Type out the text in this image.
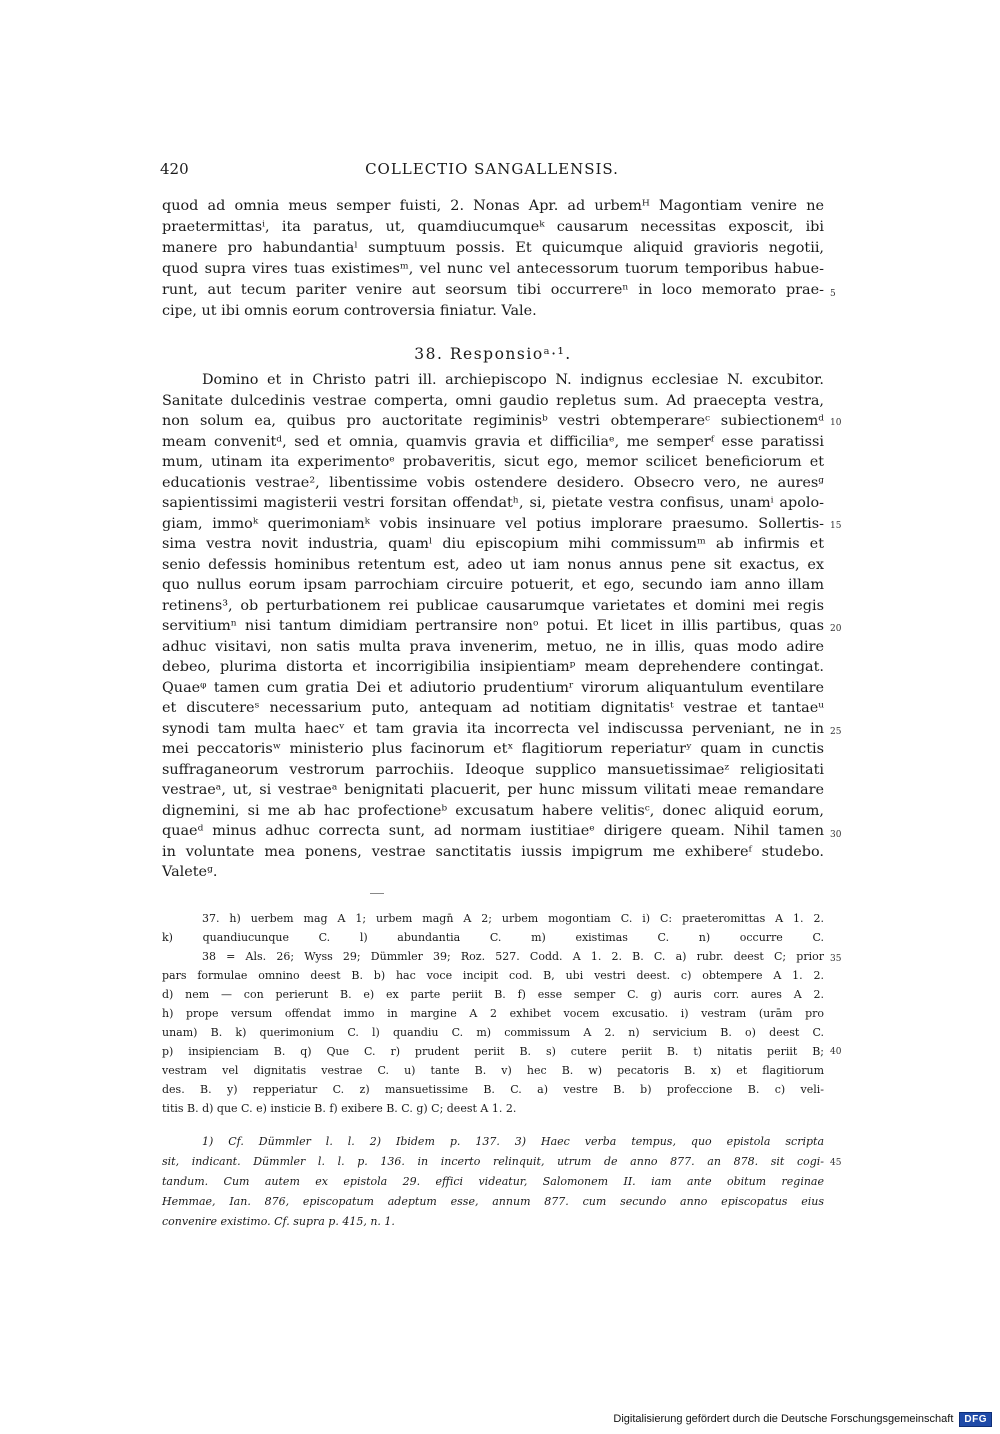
420	COLLECTIO SANGALLENSIS.
quod ad omnia meus semper fuisti, 2. Nonas Apr. ad urbemᴴ Magontiam venire ne
praetermittasⁱ, ita paratus, ut, quamdiucumqueᵏ causarum necessitas exposcit, ibi
manere pro habundantiaˡ sumptuum possis. Et quicumque aliquid gravioris negotii,
quod supra vires tuas existimesᵐ, vel nunc vel antecessorum tuorum temporibus habue-
runt, aut tecum pariter venire aut seorsum tibi occurrereⁿ in loco memorato prae-
cipe, ut ibi omnis eorum controversia finiatur. Vale.
5
38. Responsioᵃ·¹.
Domino et in Christo patri ill. archiepiscopo N. indignus ecclesiae N. excubitor.
Sanitate dulcedinis vestrae comperta, omni gaudio repletus sum. Ad praecepta vestra,
non solum ea, quibus pro auctoritate regiminisᵇ vestri obtemperareᶜ subiectionemᵈ
meam convenitᵈ, sed et omnia, quamvis gravia et difficiliaᵉ, me semperᶠ esse paratissi
mum, utinam ita experimentoᵉ probaveritis, sicut ego, memor scilicet beneficiorum et
educationis vestrae², libentissime vobis ostendere desidero. Obsecro vero, ne auresᵍ
sapientissimi magisterii vestri forsitan offendatʰ, si, pietate vestra confisus, unamⁱ apolo-
giam, immoᵏ querimoniamᵏ vobis insinuare vel potius implorare praesumo. Sollertis-
sima vestra novit industria, quamˡ diu episcopium mihi commissumᵐ ab infirmis et
senio defessis hominibus retentum est, adeo ut iam nonus annus pene sit exactus, ex
quo nullus eorum ipsam parrochiam circuire potuerit, et ego, secundo iam anno illam
retinens³, ob perturbationem rei publicae causarumque varietates et domini mei regis
servitiumⁿ nisi tantum dimidiam pertransire nonᵒ potui. Et licet in illis partibus, quas
adhuc visitavi, non satis multa prava invenerim, metuo, ne in illis, quas modo adire
debeo, plurima distorta et incorrigibilia insipientiamᵖ meam deprehendere contingat.
Quaeᵠ tamen cum gratia Dei et adiutorio prudentiumʳ virorum aliquantulum eventilare
et discutereˢ necessarium puto, antequam ad notitiam dignitatisᵗ vestrae et tantaeᵘ
synodi tam multa haecᵛ et tam gravia ita incorrecta vel indiscussa perveniant, ne in
mei peccatorisʷ ministerio plus facinorum etˣ flagitiorum reperiaturʸ quam in cunctis
suffraganeorum vestrorum parrochiis. Ideoque supplico mansuetissimaeᶻ religiositati
vestraeᵃ, ut, si vestraeᵃ benignitati placuerit, per hunc missum vilitati meae remandare
dignemini, si me ab hac profectioneᵇ excusatum habere velitisᶜ, donec aliquid eorum,
quaeᵈ minus adhuc correcta sunt, ad normam iustitiaeᵉ dirigere queam. Nihil tamen
in voluntate mea ponens, vestrae sanctitatis iussis impigrum me exhibereᶠ studebo.
Valeteᵍ.
10
15
20
25
30
37. h) uerbem mag A 1; urbem magn̄ A 2; urbem mogontiam C. i) C: praeteromittas A 1. 2.
k) quandiucunque C. l) abundantia C. m) existimas C. n) occurre C.
38 = Als. 26; Wyss 29; Dümmler 39; Roz. 527. Codd. A 1. 2. B. C. a) rubr. deest C; prior
pars formulae omnino deest B. b) hac voce incipit cod. B, ubi vestri deest. c) obtempere A 1. 2.
d) nem — con perierunt B. e) ex parte periit B. f) esse semper C. g) auris corr. aures A 2.
h) prope versum offendat immo in margine A 2 exhibet vocem excusatio. i) vestram (urām pro
unam) B. k) querimonium C. l) quandiu C. m) commissum A 2. n) servicium B. o) deest C.
p) insipienciam B. q) Que C. r) prudent periit B. s) cutere periit B. t) nitatis periit B;
vestram vel dignitatis vestrae C. u) tante B. v) hec B. w) pecatoris B. x) et flagitiorum
des. B. y) repperiatur C. z) mansuetissime B. C. a) vestre B. b) profeccione B. c) veli-
titis B. d) que C. e) insticie B. f) exibere B. C. g) C; deest A 1. 2.
35
40
1) Cf. Dümmler l. l. 2) Ibidem p. 137. 3) Haec verba tempus, quo epistola scripta
sit, indicant. Dümmler l. l. p. 136. in incerto relinquit, utrum de anno 877. an 878. sit cogi-
tandum. Cum autem ex epistola 29. effici videatur, Salomonem II. iam ante obitum reginae
Hemmae, Ian. 876, episcopatum adeptum esse, annum 877. cum secundo anno episcopatus eius
convenire existimo. Cf. supra p. 415, n. 1.
45
Digitalisierung gefördert durch die Deutsche Forschungsgemeinschaft	DFG
